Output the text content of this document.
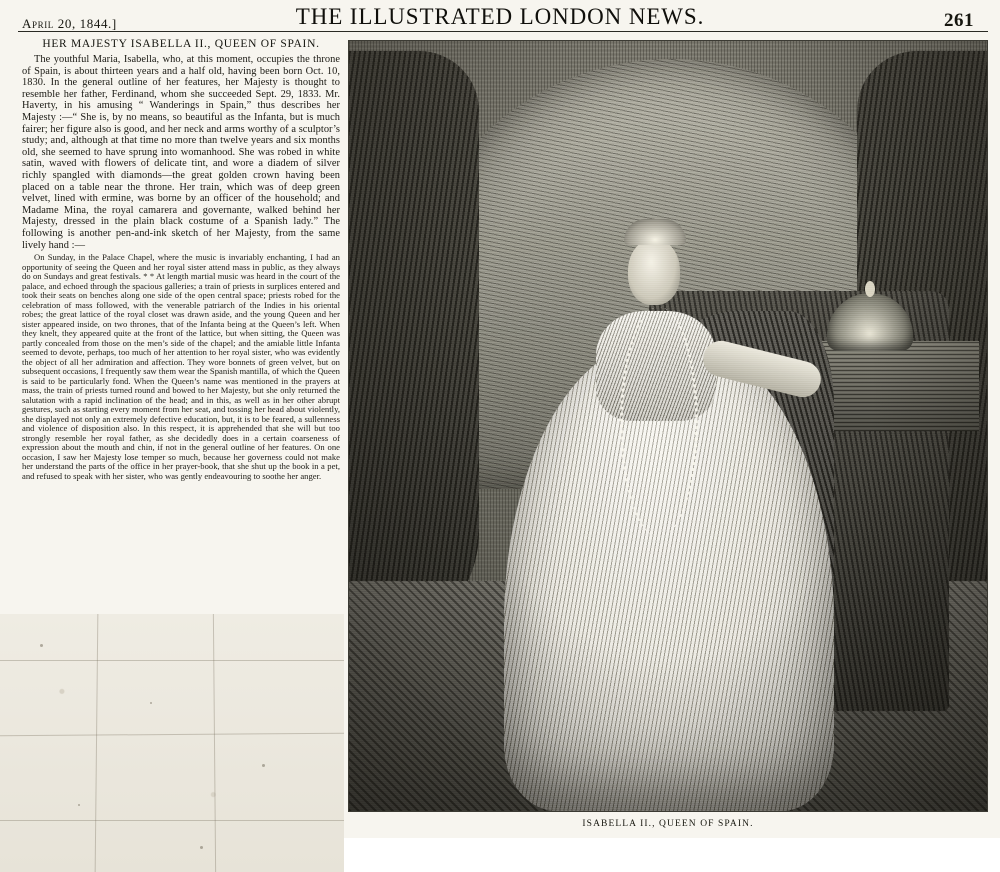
April 20, 1844.]	THE ILLUSTRATED LONDON NEWS.	261
HER MAJESTY ISABELLA II., QUEEN OF SPAIN.

The youthful Maria, Isabella, who, at this moment, occupies the throne of Spain, is about thirteen years and a half old, having been born Oct. 10, 1830. In the general outline of her features, her Majesty is thought to resemble her father, Ferdinand, whom she succeeded Sept. 29, 1833. Mr. Haverty, in his amusing “ Wanderings in Spain,” thus describes her Majesty :—“ She is, by no means, so beautiful as the Infanta, but is much fairer; her figure also is good, and her neck and arms worthy of a sculptor’s study; and, although at that time no more than twelve years and six months old, she seemed to have sprung into womanhood. She was robed in white satin, waved with flowers of delicate tint, and wore a diadem of silver richly spangled with diamonds—the great golden crown having been placed on a table near the throne. Her train, which was of deep green velvet, lined with ermine, was borne by an officer of the household; and Madame Mina, the royal camarera and governante, walked behind her Majesty, dressed in the plain black costume of a Spanish lady.” The following is another pen-and-ink sketch of her Majesty, from the same lively hand :—

On Sunday, in the Palace Chapel, where the music is invariably enchanting, I had an opportunity of seeing the Queen and her royal sister attend mass in public, as they always do on Sundays and great festivals. * * At length martial music was heard in the court of the palace, and echoed through the spacious galleries; a train of priests in surplices entered and took their seats on benches along one side of the open central space; priests robed for the celebration of mass followed, with the venerable patriarch of the Indies in his oriental robes; the great lattice of the royal closet was drawn aside, and the young Queen and her sister appeared inside, on two thrones, that of the Infanta being at the Queen’s left. When they knelt, they appeared quite at the front of the lattice, but when sitting, the Queen was partly concealed from those on the men’s side of the chapel; and the amiable little Infanta seemed to devote, perhaps, too much of her attention to her royal sister, who was evidently the object of all her admiration and affection. They wore bonnets of green velvet, but on subsequent occasions, I frequently saw them wear the Spanish mantilla, of which the Queen is said to be particularly fond. When the Queen’s name was mentioned in the prayers at mass, the train of priests turned round and bowed to her Majesty, but she only returned the salutation with a rapid inclination of the head; and in this, as well as in her other abrupt gestures, such as starting every moment from her seat, and tossing her head about violently, she displayed not only an extremely defective education, but, it is to be feared, a sullenness and violence of disposition also. In this respect, it is apprehended that she will but too strongly resemble her royal father, as she decidedly does in a certain coarseness of expression about the mouth and chin, if not in the general outline of her features. On one occasion, I saw her Majesty lose temper so much, because her governess could not make her understand the parts of the office in her prayer-book, that she shut up the book in a pet, and refused to speak with her sister, who was gently endeavouring to soothe her anger.

ISABELLA II., QUEEN OF SPAIN.
